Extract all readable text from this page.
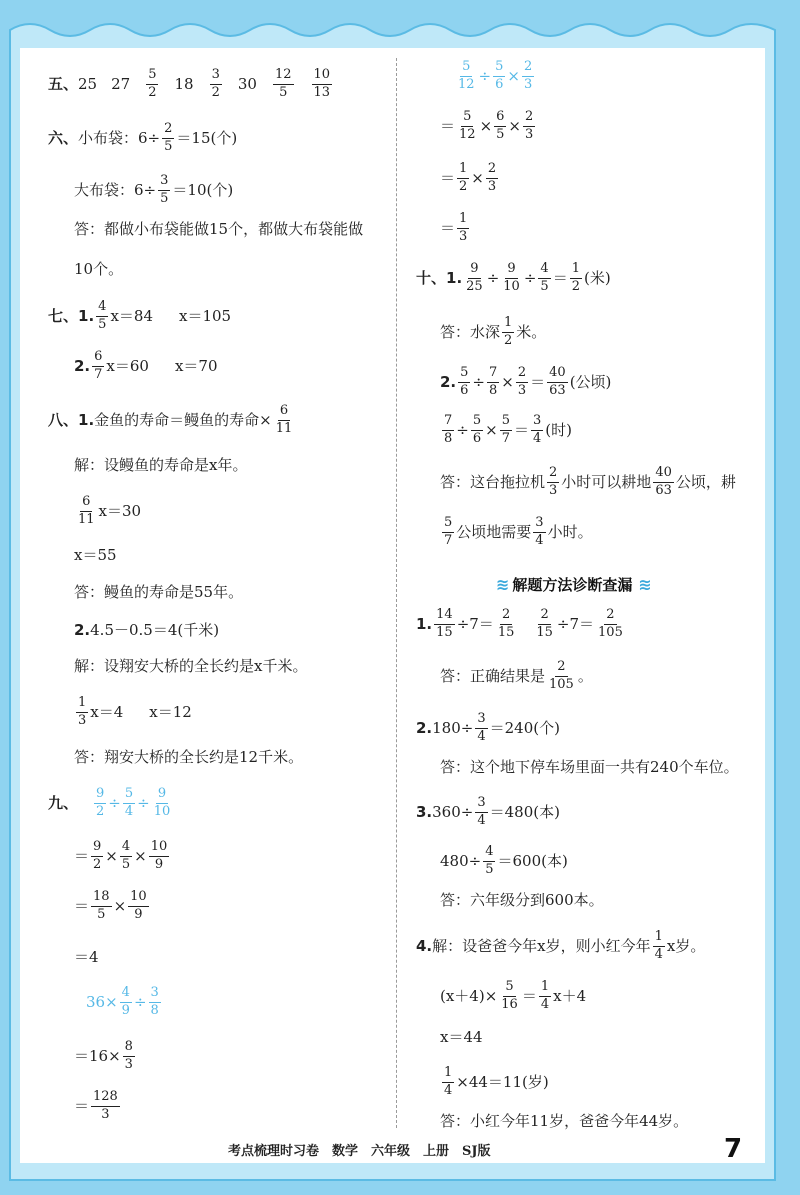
五、 25 $27 \frac{5}{2} 18 \frac{3}{2} 30 \frac{12}{5} \frac{10}{13}$
六、 小布袋：$6\div \frac{2}{5} =15$(个)
大布袋：$6\div \frac{3}{5} =10$(个)
答：都做小布袋能做15个，都做大布袋能做
10个。
七、 1. $\frac{4}{5} x=84$ x＝105
2. $\frac{6}{7} x=60$ x＝70
八、 1. 金鱼的寿命＝鳗鱼的寿命× $\frac{6}{11}$
解：设鳗鱼的寿命是x年。
$\frac{6}{11} x=30$
x＝55
答：鳗鱼的寿命是55年。
2. 4.5－0.5＝4(千米)
解：设翔安大桥的全长约是x千米。
$\frac{1}{3} x=4$ x＝12
答：翔安大桥的全长约是12千米。
九、 $\frac{9}{2} \div \frac{5}{4} \div \frac{9}{10}$
＝ $\frac{9}{2} \times \frac{4}{5} \times \frac{10}{9}$
＝ $\frac{18}{5} \times \frac{10}{9}$
＝4
$36\times \frac{4}{9} \div \frac{3}{8}$
$=16\times \frac{8}{3}$
＝ $\frac{128}{3}$
$\frac{5}{12} \div \frac{5}{6} \times \frac{2}{3}$
＝ $\frac{5}{12} \times \frac{6}{5} \times \frac{2}{3}$
＝ $\frac{1}{2} \times \frac{2}{3}$
＝ $\frac{1}{3}$
十、 1. $\frac{9}{25} \div \frac{9}{10} \div \frac{4}{5} = \frac{1}{2}$ (米)
答：水深 $\frac{1}{2}$ 米。
2. $\frac{5}{6} \div \frac{7}{8} \times \frac{2}{3} = \frac{40}{63}$ (公顷)
$\frac{7}{8} \div \frac{5}{6} \times \frac{5}{7} = \frac{3}{4}$ (时)
答：这台拖拉机 $\frac{2}{3}$ 小时可以耕地 $\frac{40}{63}$ 公顷，耕
$\frac{5}{7}$ 公顷地需要 $\frac{3}{4}$ 小时。
≋ 解题方法诊断查漏 ≋
1. $\frac{14}{15} \div 7= \frac{2}{15} \frac{2}{15} \div 7= \frac{2}{105}$
答：正确结果是 $\frac{2}{105}$ 。
2. $180\div \frac{3}{4} =240$(个)
答：这个地下停车场里面一共有240个车位。
3. $360\div \frac{3}{4} =480$(本)
$480\div \frac{4}{5} =600$(本)
答：六年级分到600本。
4. 解：设爸爸今年x岁，则小红今年 $\frac{1}{4}$ x岁。
$(x+4)\times \frac{5}{16} = \frac{1}{4} x+4$
x＝44
$\frac{1}{4} \times 44=11$(岁)
答：小红今年11岁，爸爸今年44岁。
考点梳理时习卷　数学　六年级　上册　SJ版	7
